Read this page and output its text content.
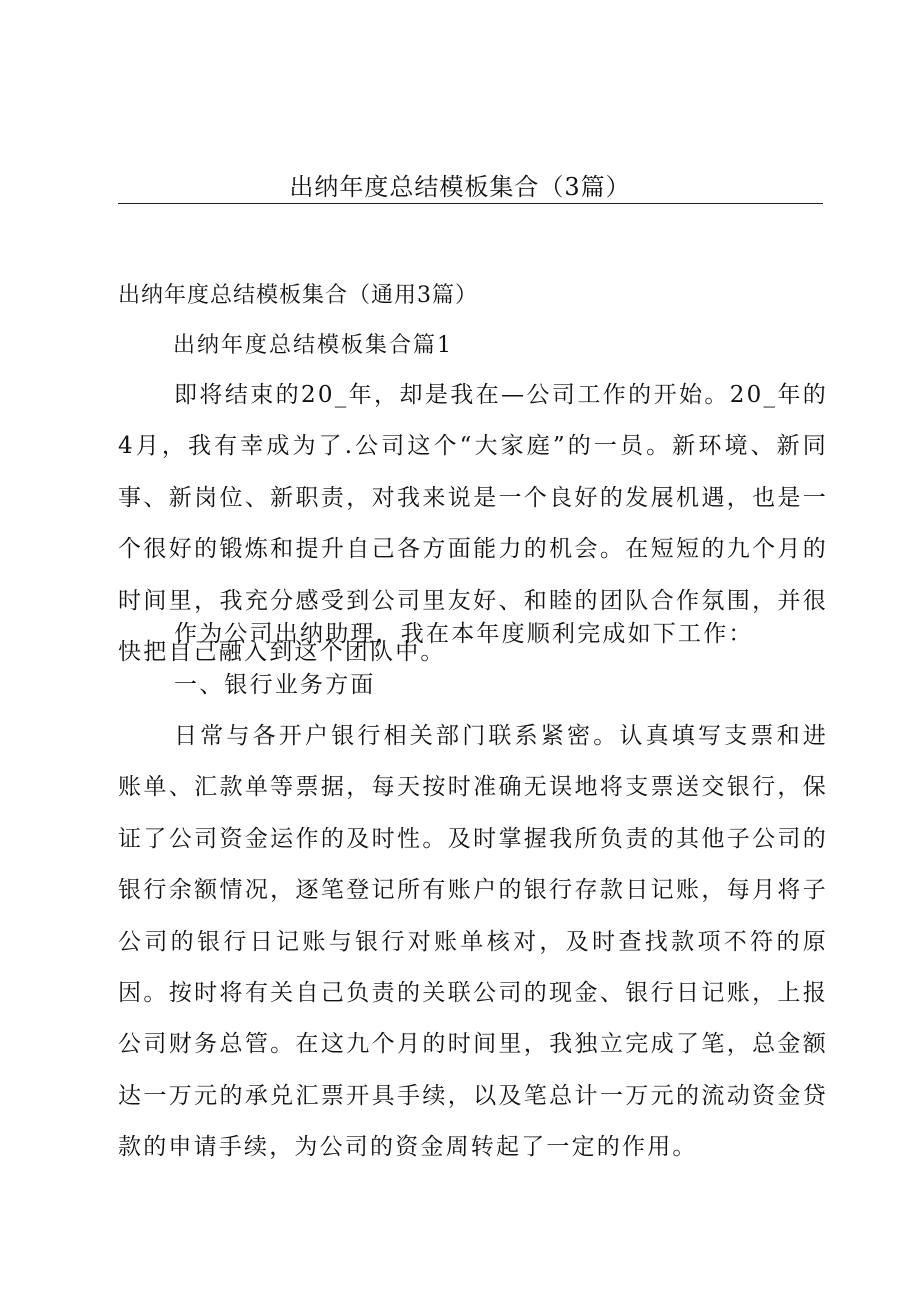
出纳年度总结模板集合（3篇）
出纳年度总结模板集合（通用3篇）
出纳年度总结模板集合篇1

即将结束的20_年，却是我在—公司工作的开始。20_年的4月，我有幸成为了.公司这个“大家庭”的一员。新环境、新同事、新岗位、新职责，对我来说是一个良好的发展机遇，也是一个很好的锻炼和提升自己各方面能力的机会。在短短的九个月的时间里，我充分感受到公司里友好、和睦的团队合作氛围，并很快把自己融入到这个团队中。

作为公司出纳助理，我在本年度顺利完成如下工作：

一、银行业务方面

日常与各开户银行相关部门联系紧密。认真填写支票和进账单、汇款单等票据，每天按时准确无误地将支票送交银行，保证了公司资金运作的及时性。及时掌握我所负责的其他子公司的银行余额情况，逐笔登记所有账户的银行存款日记账，每月将子公司的银行日记账与银行对账单核对，及时查找款项不符的原因。按时将有关自己负责的关联公司的现金、银行日记账，上报公司财务总管。在这九个月的时间里，我独立完成了笔，总金额达一万元的承兑汇票开具手续，以及笔总计一万元的流动资金贷款的申请手续，为公司的资金周转起了一定的作用。
